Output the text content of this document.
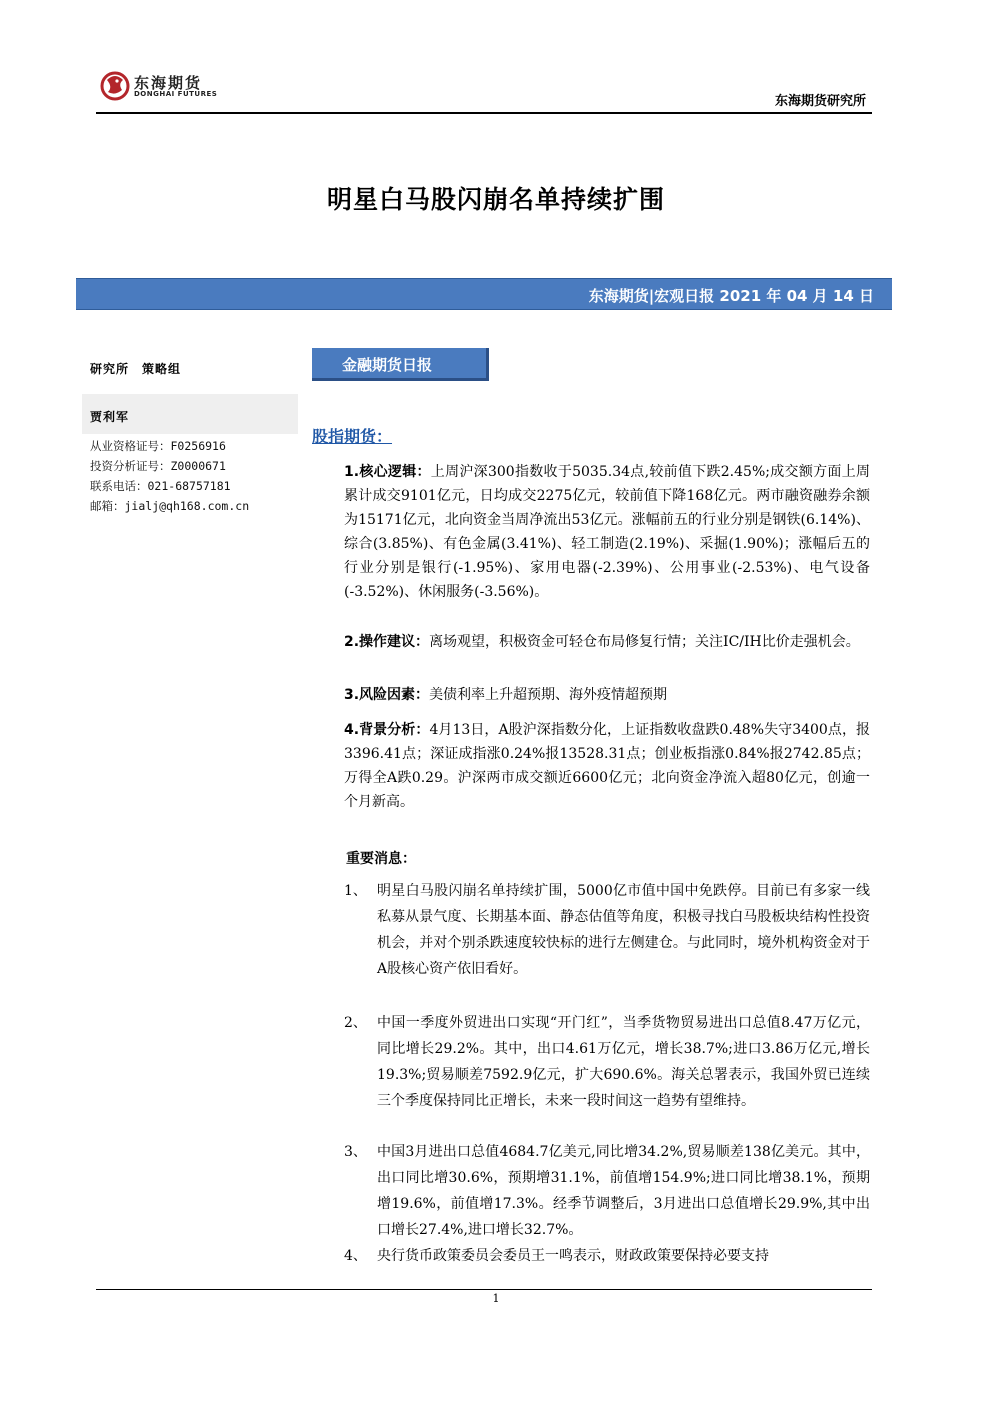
东海期货
DONGHAI FUTURES	东海期货研究所
明星白马股闪崩名单持续扩围
东海期货|宏观日报 2021 年 04 月 14 日
研究所　策略组
贾利军
从业资格证号：F0256916
投资分析证号：Z0000671
联系电话：021-68757181
邮箱：jialj@qh168.com.cn
金融期货日报
股指期货：
1.核心逻辑：上周沪深300指数收于5035.34点,较前值下跌2.45%;成交额方面上周累计成交9101亿元，日均成交2275亿元，较前值下降168亿元。两市融资融券余额为15171亿元，北向资金当周净流出53亿元。涨幅前五的行业分别是钢铁(6.14%)、综合(3.85%)、有色金属(3.41%)、轻工制造(2.19%)、采掘(1.90%)；涨幅后五的行业分别是银行(-1.95%)、家用电器(-2.39%)、公用事业(-2.53%)、电气设备(-3.52%)、休闲服务(-3.56%)。
2.操作建议：离场观望，积极资金可轻仓布局修复行情；关注IC/IH比价走强机会。
3.风险因素：美债利率上升超预期、海外疫情超预期
4.背景分析：4月13日，A股沪深指数分化，上证指数收盘跌0.48%失守3400点，报3396.41点；深证成指涨0.24%报13528.31点；创业板指涨0.84%报2742.85点；万得全A跌0.29。沪深两市成交额近6600亿元；北向资金净流入超80亿元，创逾一个月新高。
重要消息：
1、 明星白马股闪崩名单持续扩围，5000亿市值中国中免跌停。目前已有多家一线私募从景气度、长期基本面、静态估值等角度，积极寻找白马股板块结构性投资机会，并对个别杀跌速度较快标的进行左侧建仓。与此同时，境外机构资金对于A股核心资产依旧看好。
2、 中国一季度外贸进出口实现“开门红”，当季货物贸易进出口总值8.47万亿元，同比增长29.2%。其中，出口4.61万亿元，增长38.7%;进口3.86万亿元,增长19.3%;贸易顺差7592.9亿元，扩大690.6%。海关总署表示，我国外贸已连续三个季度保持同比正增长，未来一段时间这一趋势有望维持。
3、 中国3月进出口总值4684.7亿美元,同比增34.2%,贸易顺差138亿美元。其中，出口同比增30.6%，预期增31.1%，前值增154.9%;进口同比增38.1%，预期增19.6%，前值增17.3%。经季节调整后，3月进出口总值增长29.9%,其中出口增长27.4%,进口增长32.7%。
4、 央行货币政策委员会委员王一鸣表示，财政政策要保持必要支持
1
